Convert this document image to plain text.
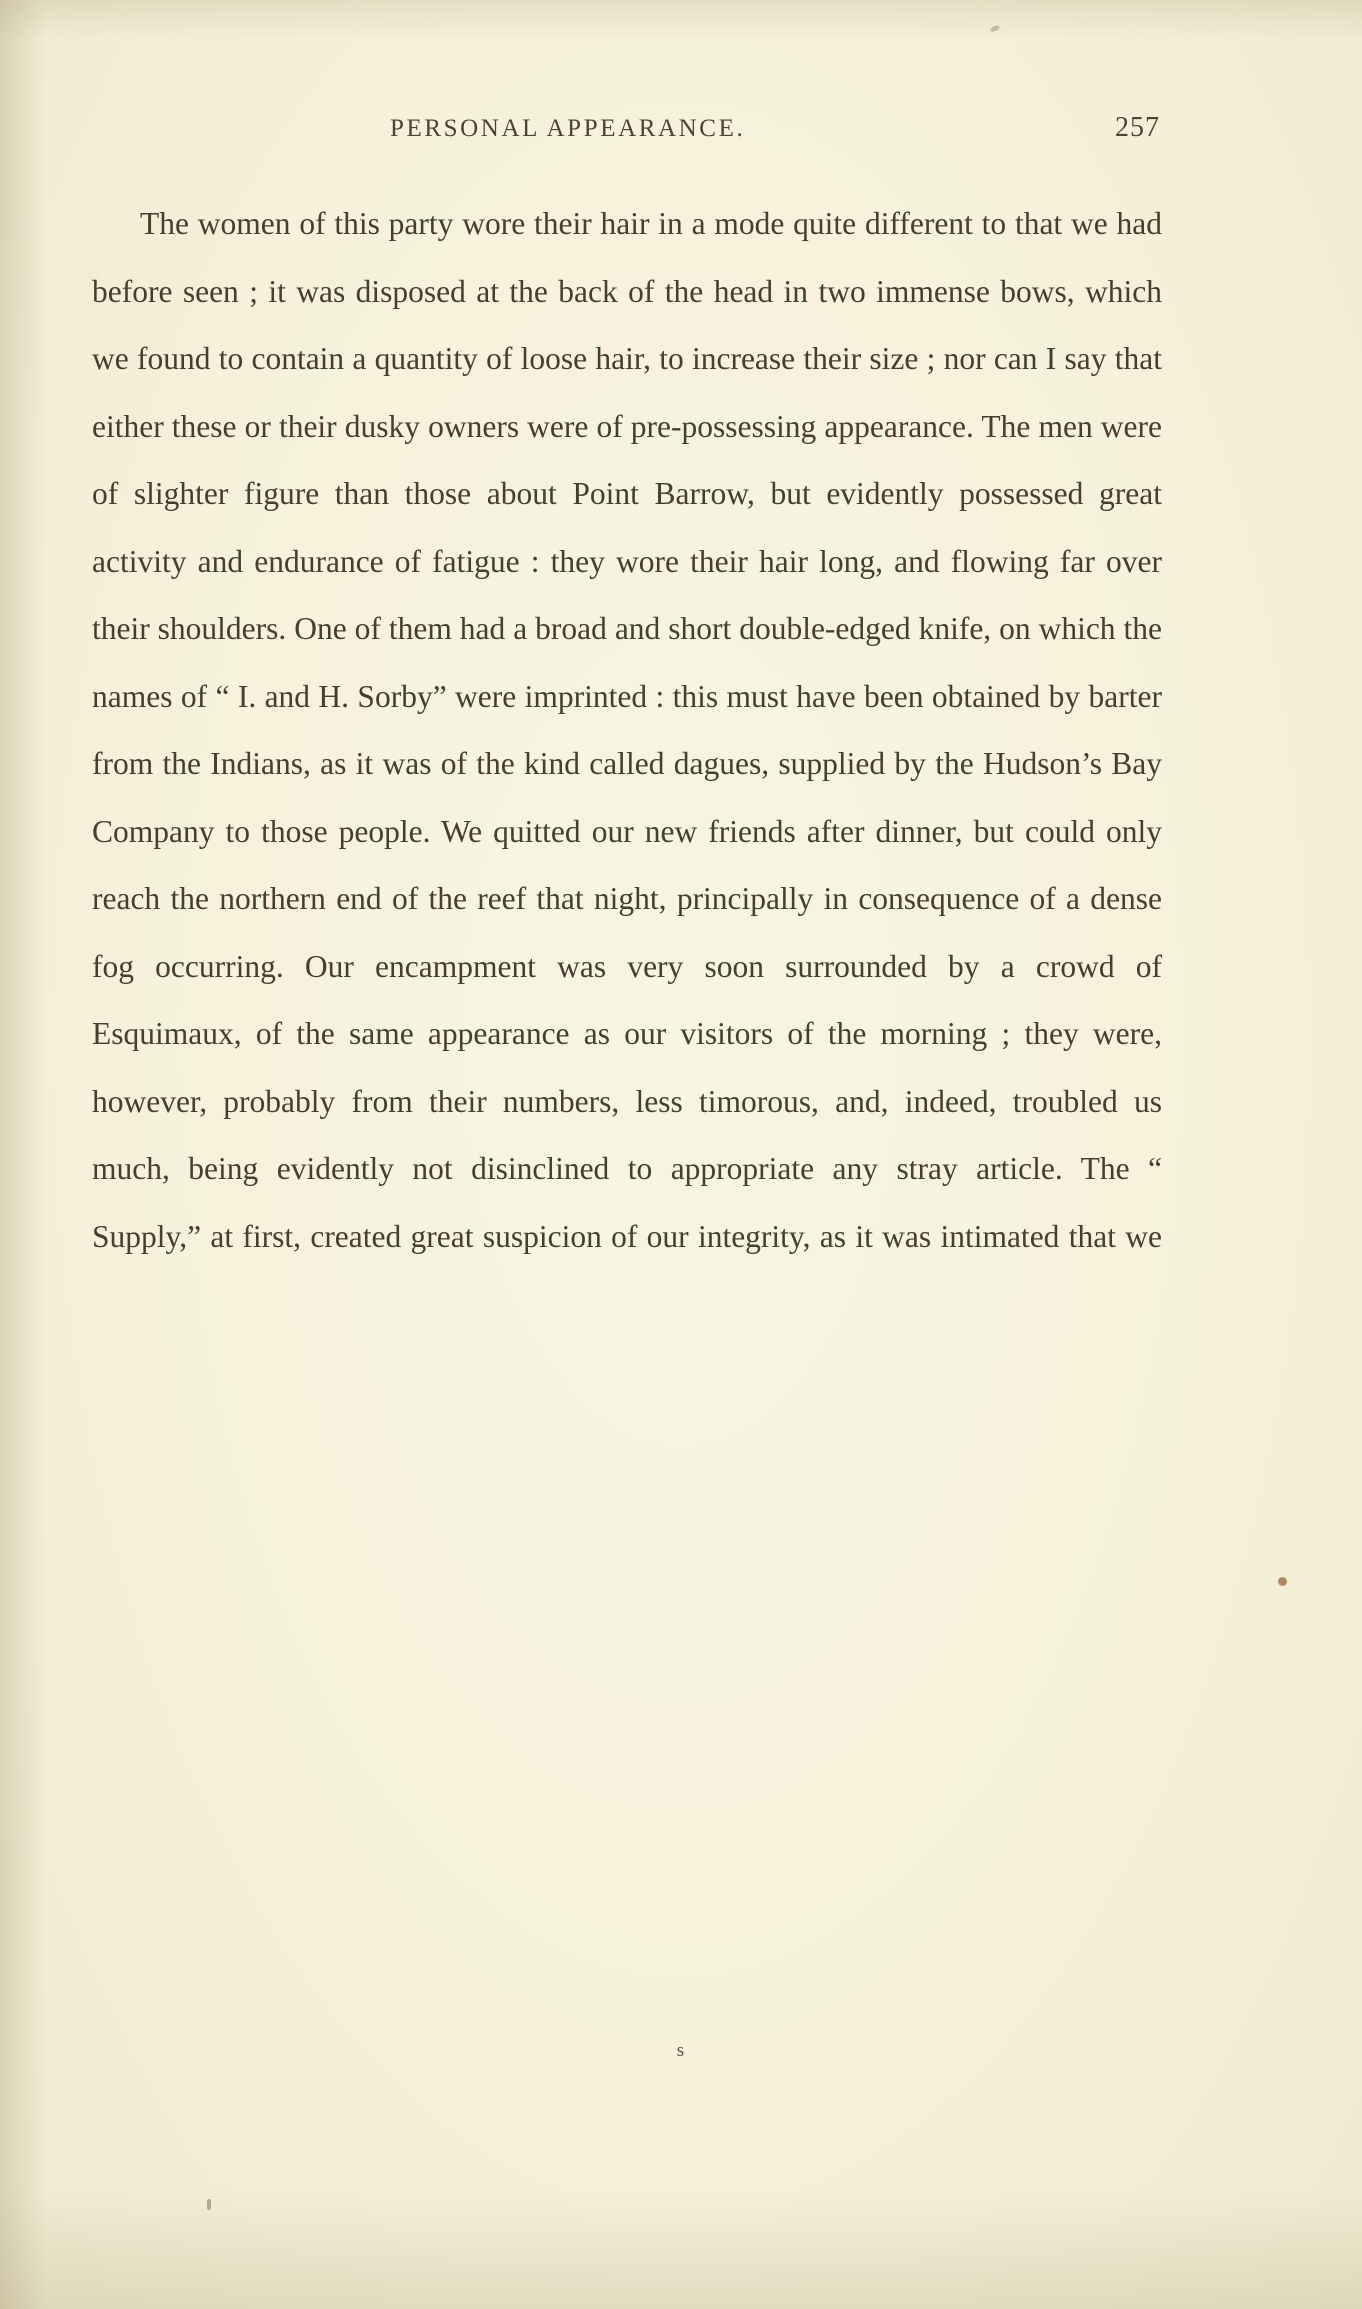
PERSONAL APPEARANCE.	257

The women of this party wore their hair in a mode quite different to that we had before seen ; it was disposed at the back of the head in two immense bows, which we found to contain a quantity of loose hair, to increase their size ; nor can I say that either these or their dusky owners were of pre-possessing appearance. The men were of slighter figure than those about Point Barrow, but evidently possessed great activity and endurance of fatigue : they wore their hair long, and flowing far over their shoulders. One of them had a broad and short double-edged knife, on which the names of “ I. and H. Sorby” were imprinted : this must have been obtained by barter from the Indians, as it was of the kind called dagues, supplied by the Hudson’s Bay Company to those people. We quitted our new friends after dinner, but could only reach the northern end of the reef that night, principally in consequence of a dense fog occurring. Our encampment was very soon surrounded by a crowd of Esquimaux, of the same appearance as our visitors of the morning ; they were, however, probably from their numbers, less timorous, and, indeed, troubled us much, being evidently not disinclined to appropriate any stray article. The “ Supply,” at first, created great suspicion of our integrity, as it was intimated that we

s
